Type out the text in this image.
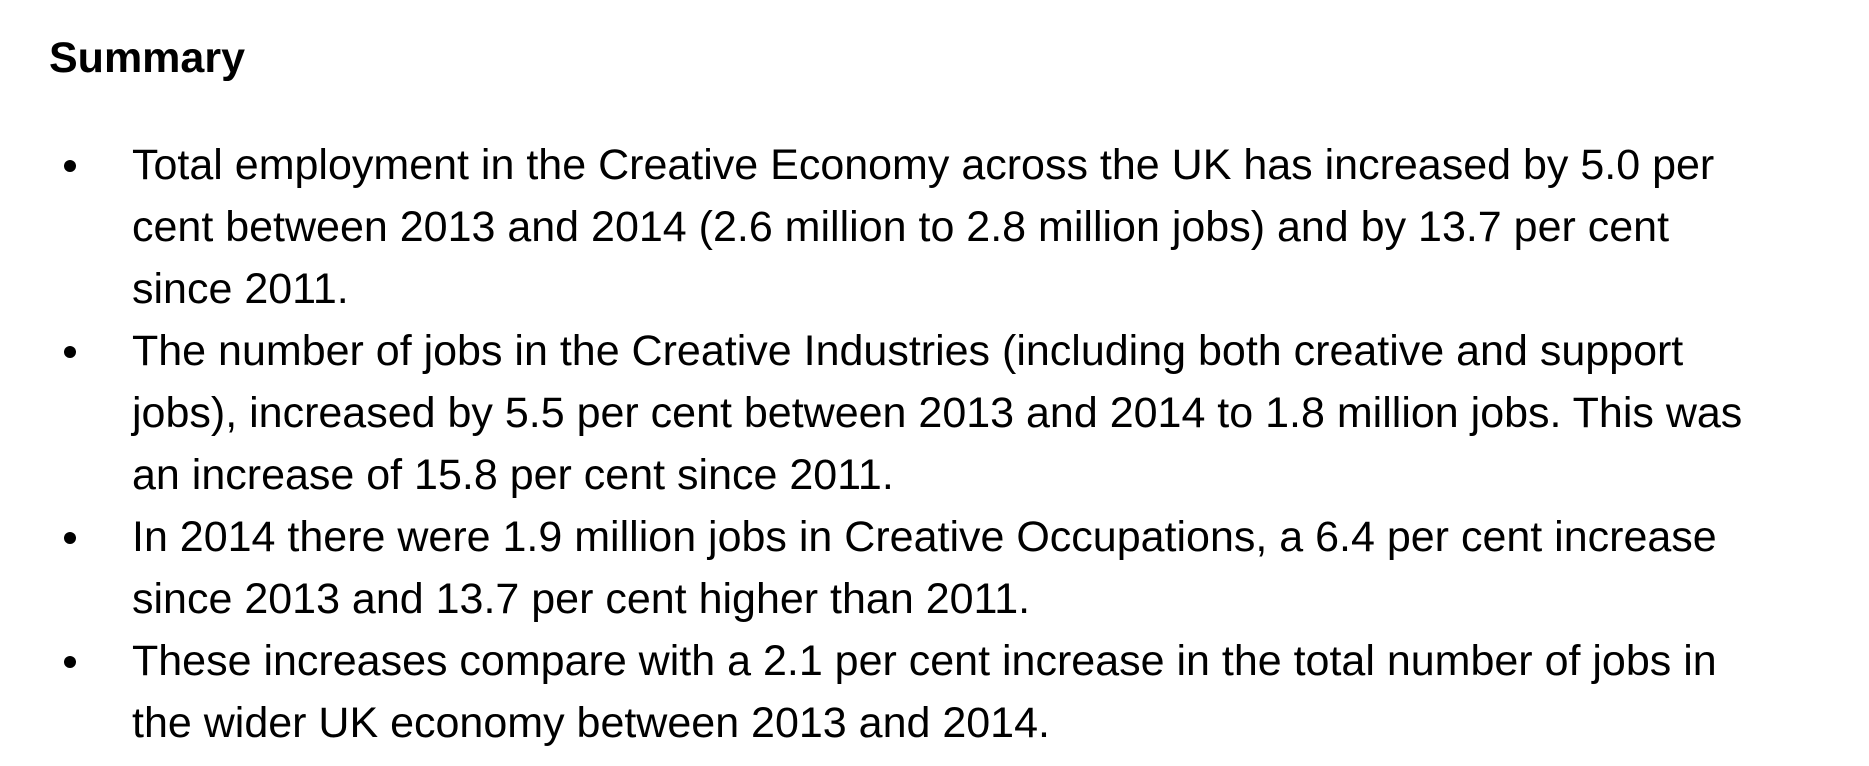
Summary
Total employment in the Creative Economy across the UK has increased by 5.0 per
cent between 2013 and 2014 (2.6 million to 2.8 million jobs) and by 13.7 per cent
since 2011.
The number of jobs in the Creative Industries (including both creative and support
jobs), increased by 5.5 per cent between 2013 and 2014 to 1.8 million jobs. This was
an increase of 15.8 per cent since 2011.
In 2014 there were 1.9 million jobs in Creative Occupations, a 6.4 per cent increase
since 2013 and 13.7 per cent higher than 2011.
These increases compare with a 2.1 per cent increase in the total number of jobs in
the wider UK economy between 2013 and 2014.
